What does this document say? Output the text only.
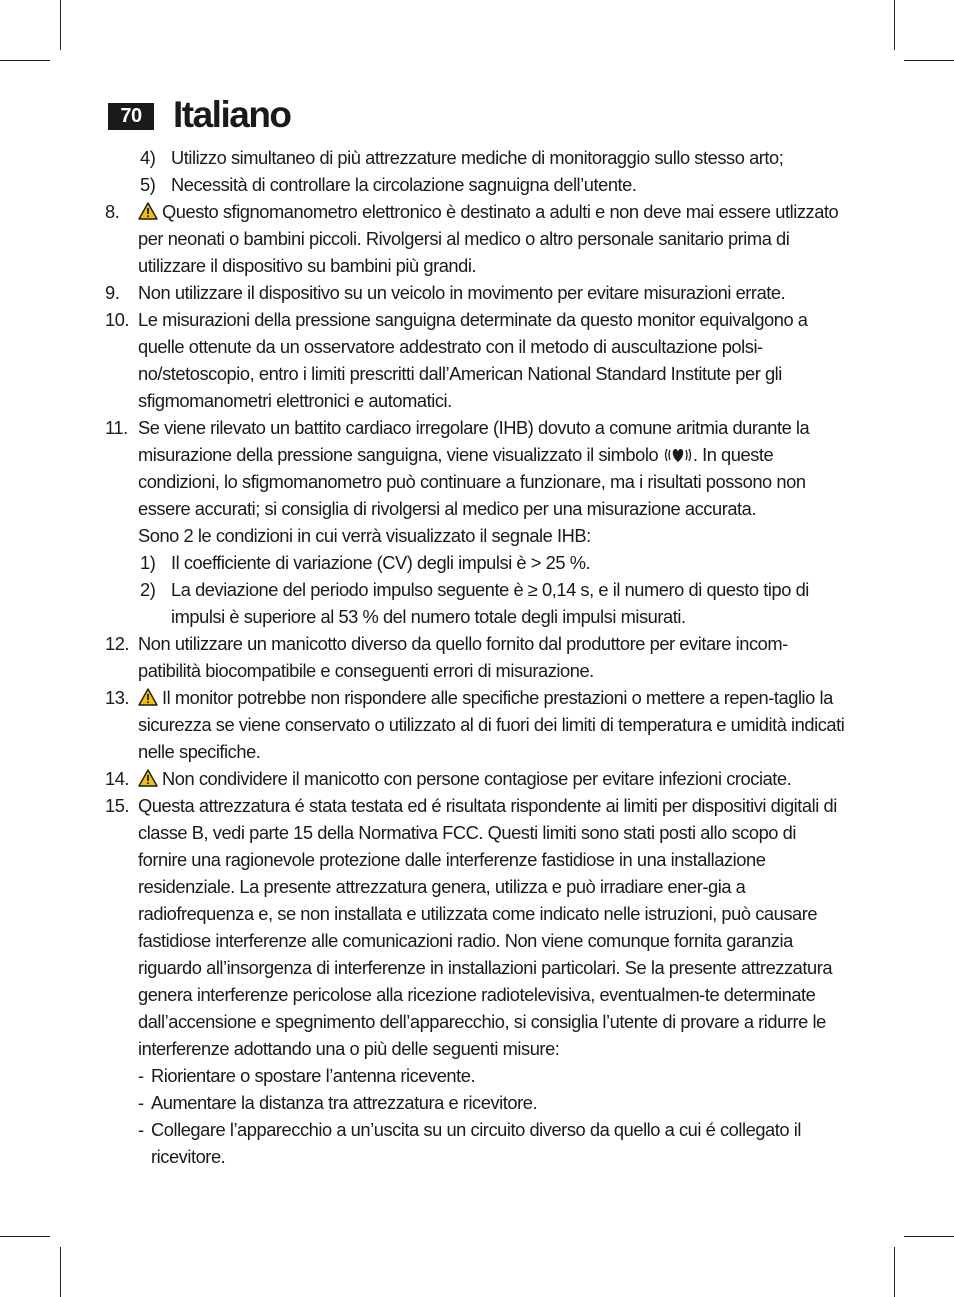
70 Italiano

4) Utilizzo simultaneo di più attrezzature mediche di monitoraggio sullo stesso arto;

5) Necessità di controllare la circolazione sagnuigna dell’utente.

8. Questo sfignomanometro elettronico è destinato a adulti e non deve mai essere utlizzato per neonati o bambini piccoli. Rivolgersi al medico o altro personale sanitario prima di utilizzare il dispositivo su bambini più grandi.

9. Non utilizzare il dispositivo su un veicolo in movimento per evitare misurazioni errate.

10. Le misurazioni della pressione sanguigna determinate da questo monitor equivalgono a quelle ottenute da un osservatore addestrato con il metodo di auscultazione polsi-no/stetoscopio, entro i limiti prescritti dall’American National Standard Institute per gli sfigmomanometri elettronici e automatici.

11. Se viene rilevato un battito cardiaco irregolare (IHB) dovuto a comune aritmia durante la misurazione della pressione sanguigna, viene visualizzato il simbolo . In queste condizioni, lo sfigmomanometro può continuare a funzionare, ma i risultati possono non essere accurati; si consiglia di rivolgersi al medico per una misurazione accurata.

Sono 2 le condizioni in cui verrà visualizzato il segnale IHB:

1) Il coefficiente di variazione (CV) degli impulsi è > 25 %.

2) La deviazione del periodo impulso seguente è ≥ 0,14 s, e il numero di questo tipo di impulsi è superiore al 53 % del numero totale degli impulsi misurati.

12. Non utilizzare un manicotto diverso da quello fornito dal produttore per evitare incom-patibilità biocompatibile e conseguenti errori di misurazione.

13. Il monitor potrebbe non rispondere alle specifiche prestazioni o mettere a repen-taglio la sicurezza se viene conservato o utilizzato al di fuori dei limiti di temperatura e umidità indicati nelle specifiche.

14. Non condividere il manicotto con persone contagiose per evitare infezioni crociate.

15. Questa attrezzatura é stata testata ed é risultata rispondente ai limiti per dispositivi digitali di classe B, vedi parte 15 della Normativa FCC. Questi limiti sono stati posti allo scopo di fornire una ragionevole protezione dalle interferenze fastidiose in una installazione residenziale. La presente attrezzatura genera, utilizza e può irradiare ener-gia a radiofrequenza e, se non installata e utilizzata come indicato nelle istruzioni, può causare fastidiose interferenze alle comunicazioni radio. Non viene comunque fornita garanzia riguardo all’insorgenza di interferenze in installazioni particolari. Se la presente attrezzatura genera interferenze pericolose alla ricezione radiotelevisiva, eventualmen-te determinate dall’accensione e spegnimento dell’apparecchio, si consiglia l’utente di provare a ridurre le interferenze adottando una o più delle seguenti misure:

- Riorientare o spostare l’antenna ricevente.

- Aumentare la distanza tra attrezzatura e ricevitore.

- Collegare l’apparecchio a un’uscita su un circuito diverso da quello a cui é collegato il ricevitore.
